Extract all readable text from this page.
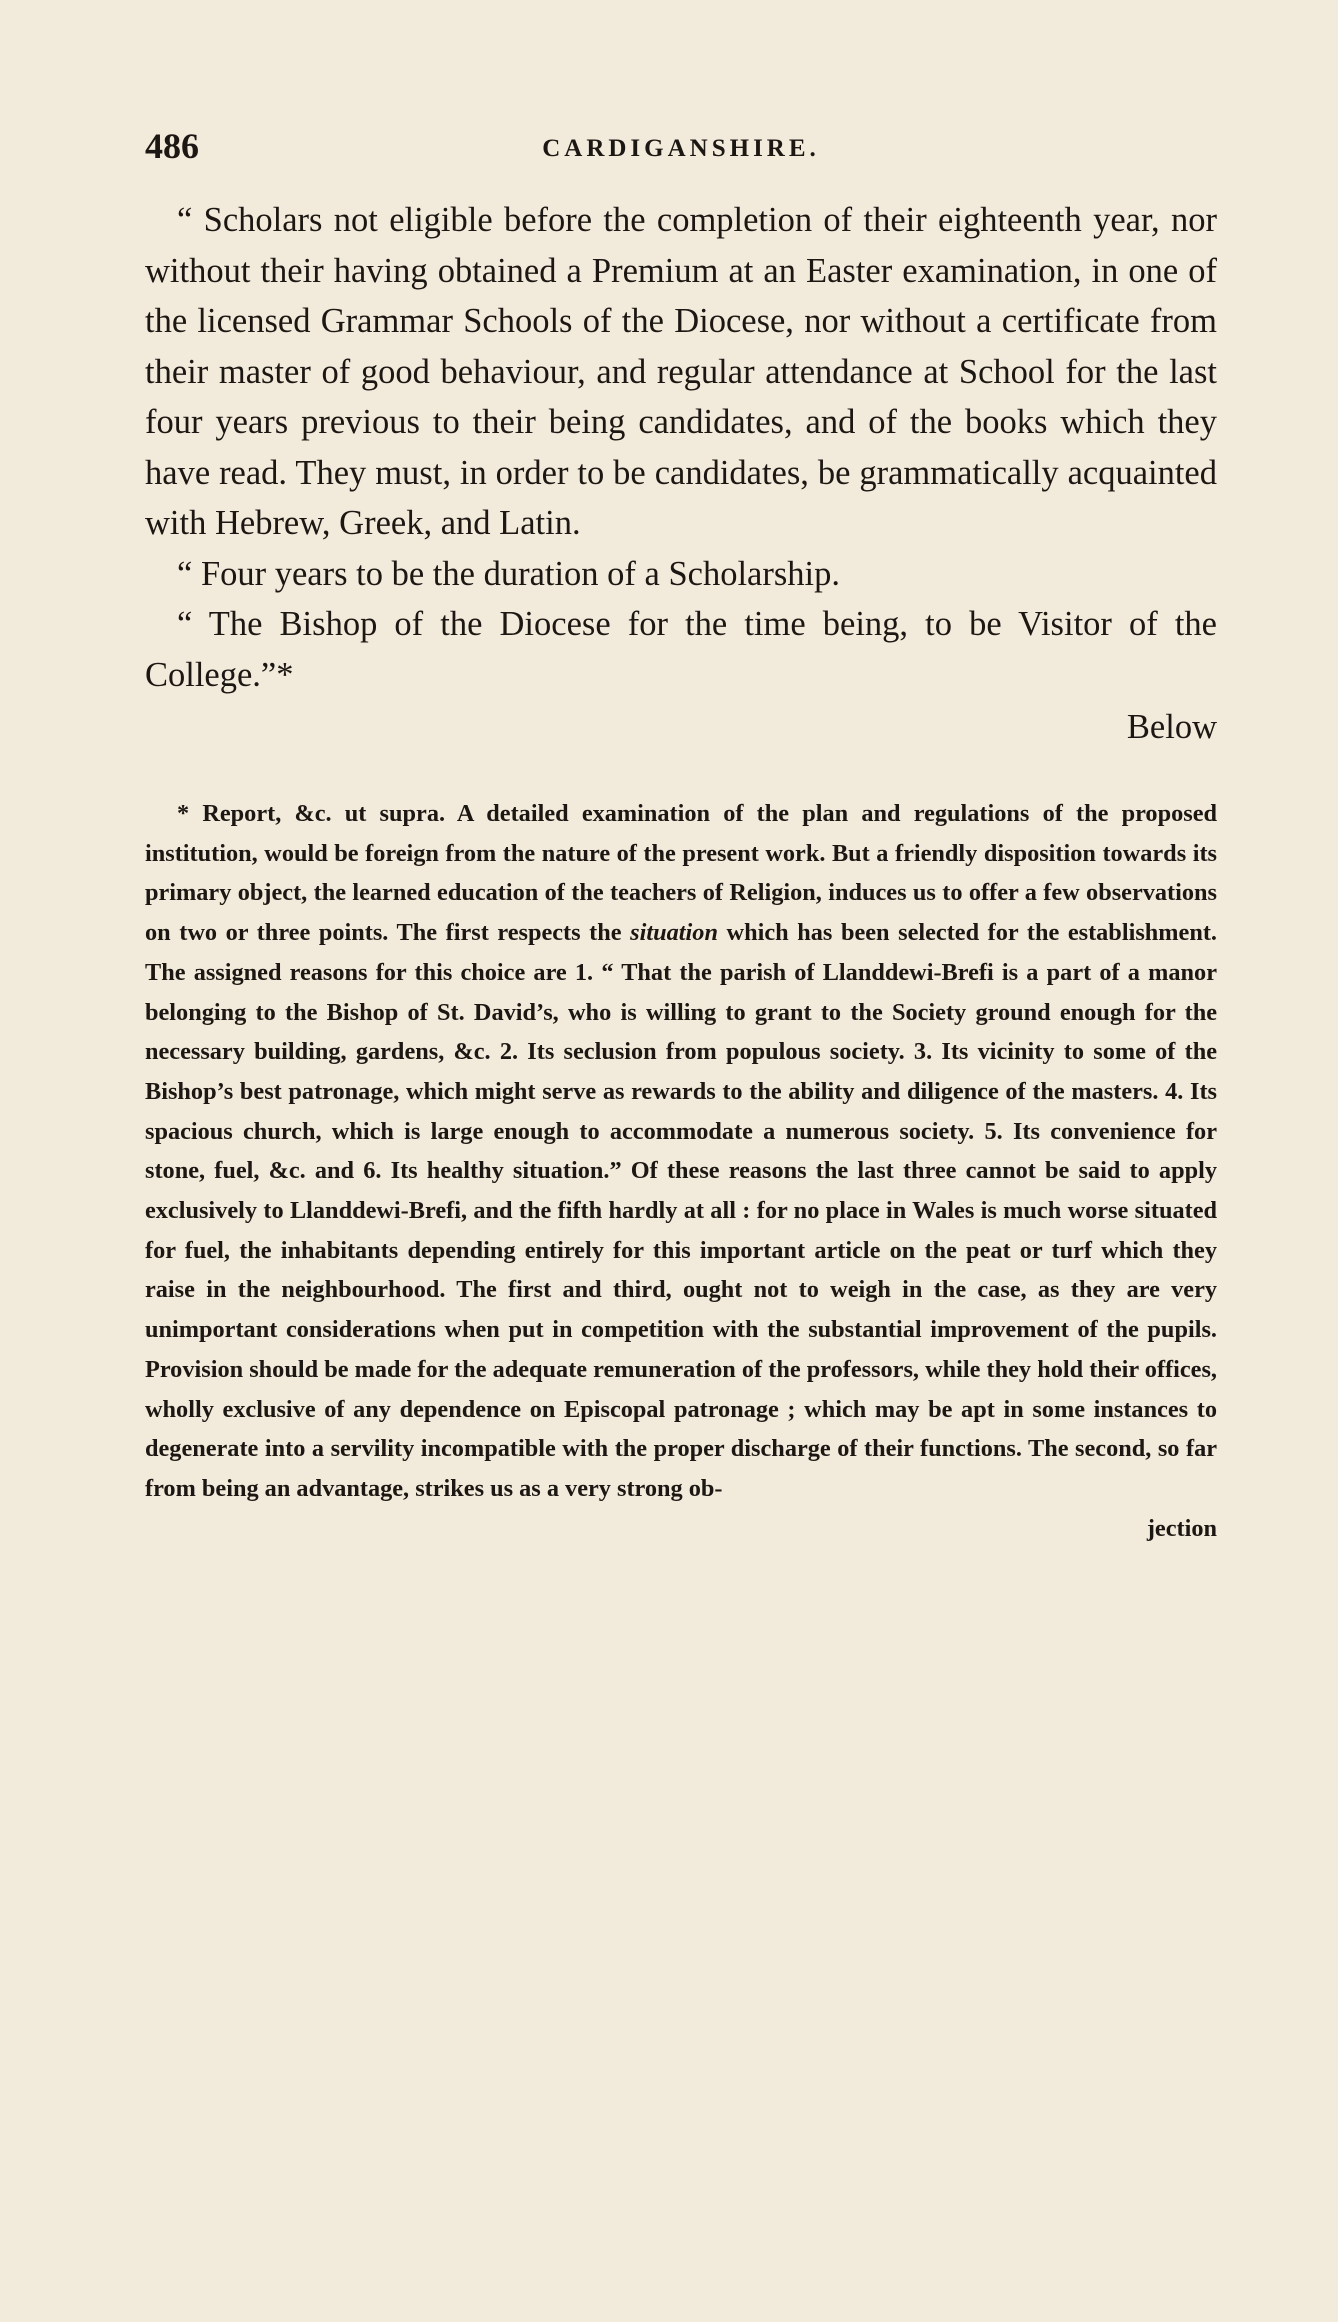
486	CARDIGANSHIRE.

“ Scholars not eligible before the completion of their eighteenth year, nor without their having obtained a Premium at an Easter examination, in one of the licensed Grammar Schools of the Diocese, nor without a certificate from their master of good behaviour, and regular attendance at School for the last four years previous to their being candidates, and of the books which they have read. They must, in order to be candidates, be grammatically acquainted with Hebrew, Greek, and Latin.

“ Four years to be the duration of a Scholarship.

“ The Bishop of the Diocese for the time being, to be Visitor of the College.”*

Below
* Report, &c. ut supra. A detailed examination of the plan and regulations of the proposed institution, would be foreign from the nature of the present work. But a friendly disposition towards its primary object, the learned education of the teachers of Religion, induces us to offer a few observations on two or three points. The first respects the situation which has been selected for the establishment. The assigned reasons for this choice are 1. “ That the parish of Llanddewi-Brefi is a part of a manor belonging to the Bishop of St. David’s, who is willing to grant to the Society ground enough for the necessary building, gardens, &c. 2. Its seclusion from populous society. 3. Its vicinity to some of the Bishop’s best patronage, which might serve as rewards to the ability and diligence of the masters. 4. Its spacious church, which is large enough to accommodate a numerous society. 5. Its convenience for stone, fuel, &c. and 6. Its healthy situation.” Of these reasons the last three cannot be said to apply exclusively to Llanddewi-Brefi, and the fifth hardly at all : for no place in Wales is much worse situated for fuel, the inhabitants depending entirely for this important article on the peat or turf which they raise in the neighbourhood. The first and third, ought not to weigh in the case, as they are very unimportant considerations when put in competition with the substantial improvement of the pupils. Provision should be made for the adequate remuneration of the professors, while they hold their offices, wholly exclusive of any dependence on Episcopal patronage ; which may be apt in some instances to degenerate into a servility incompatible with the proper discharge of their functions. The second, so far from being an advantage, strikes us as a very strong ob-
jection
